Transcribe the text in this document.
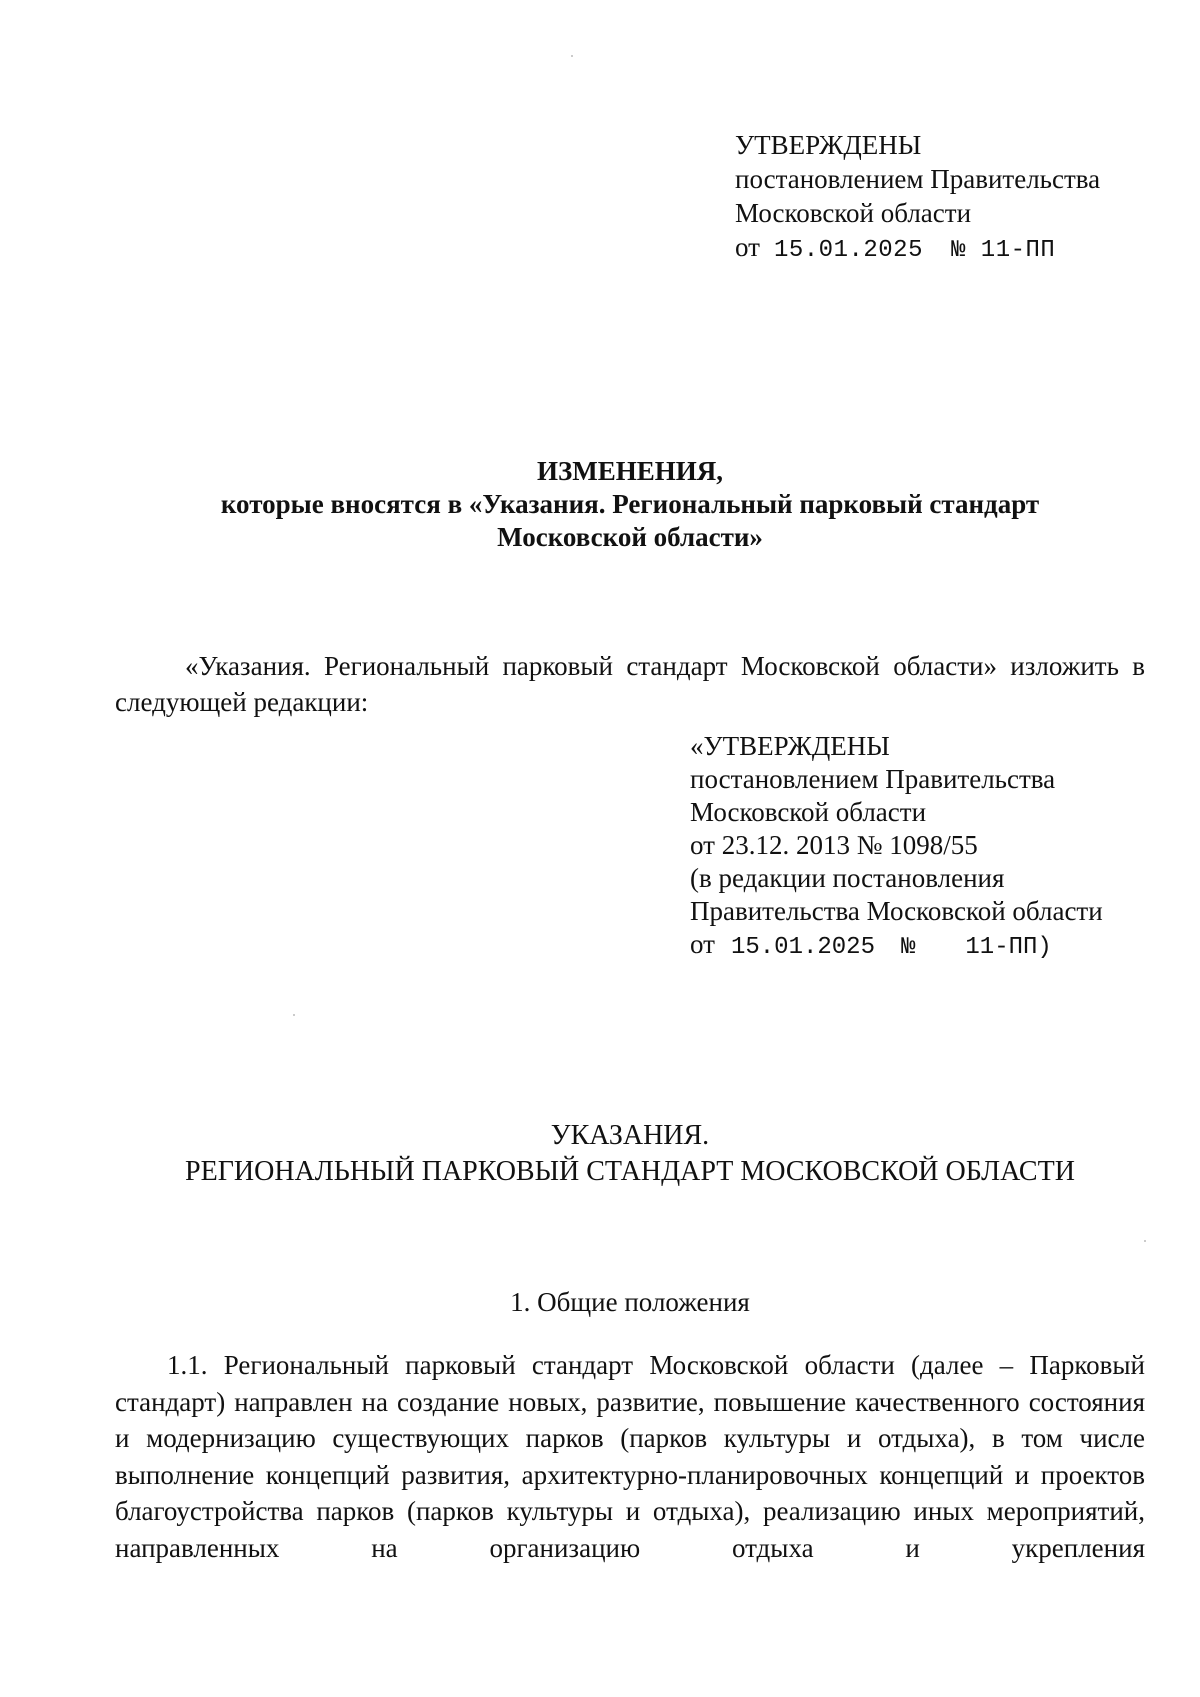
УТВЕРЖДЕНЫ
постановлением Правительства
Московской области
от 15.01.2025 № 11-ПП
ИЗМЕНЕНИЯ,
которые вносятся в «Указания. Региональный парковый стандарт
Московской области»
«Указания. Региональный парковый стандарт Московской области» изложить в следующей редакции:
«УТВЕРЖДЕНЫ
постановлением Правительства
Московской области
от 23.12. 2013 № 1098/55
(в редакции постановления
Правительства Московской области
от 15.01.2025 № 11-ПП)
УКАЗАНИЯ.
РЕГИОНАЛЬНЫЙ ПАРКОВЫЙ СТАНДАРТ МОСКОВСКОЙ ОБЛАСТИ
1. Общие положения
1.1. Региональный парковый стандарт Московской области (далее – Парковый стандарт) направлен на создание новых, развитие, повышение качественного состояния и модернизацию существующих парков (парков культуры и отдыха), в том числе выполнение концепций развития, архитектурно-планировочных концепций и проектов благоустройства парков (парков культуры и отдыха), реализацию иных мероприятий, направленных на организацию отдыха и укрепления
